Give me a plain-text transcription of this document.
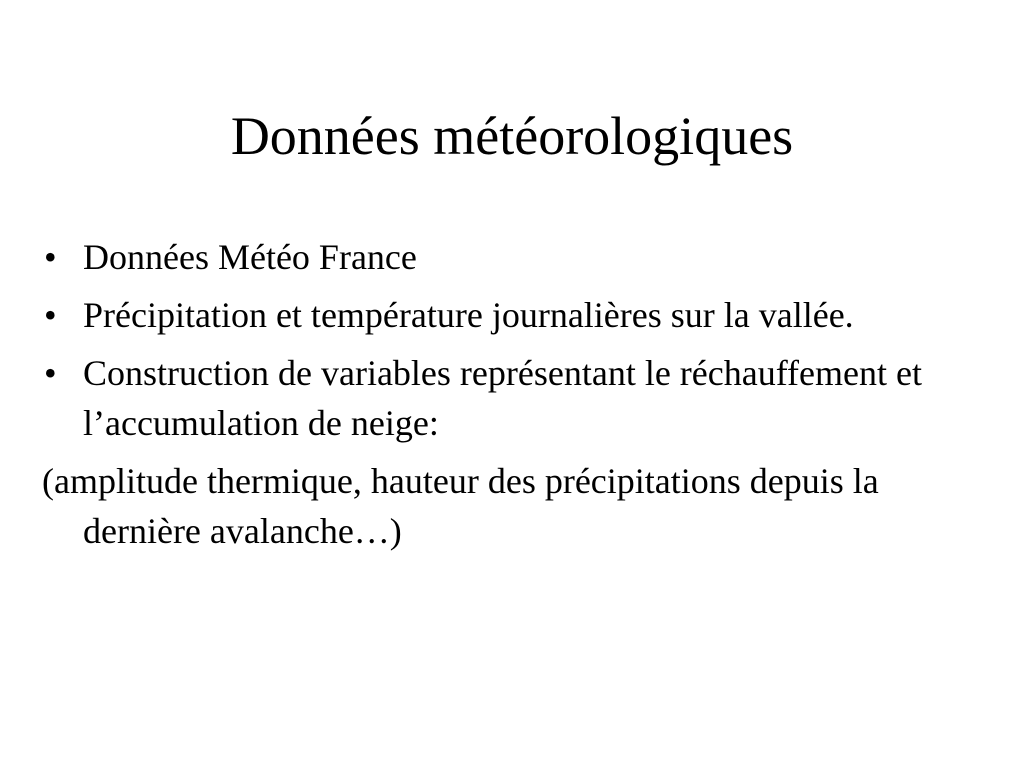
Données météorologiques
• Données Météo France
• Précipitation et température journalières sur la vallée.
• Construction de variables représentant le réchauffement et l’accumulation de neige:
(amplitude thermique, hauteur des précipitations depuis la dernière avalanche…)
